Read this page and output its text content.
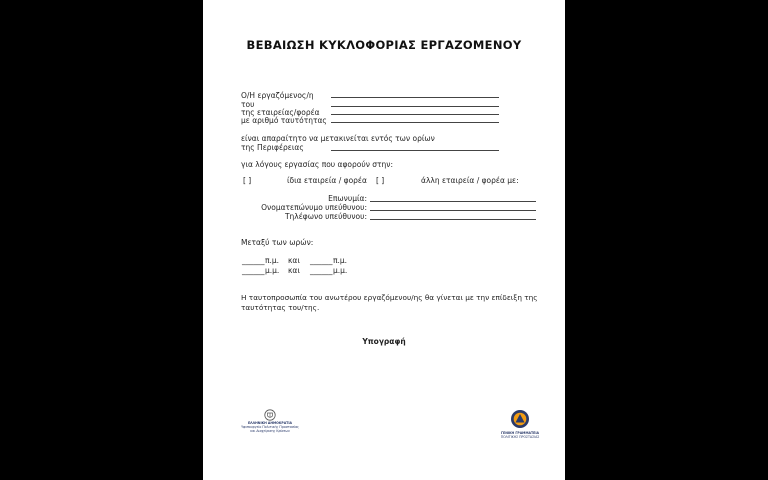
ΒΕΒΑΙΩΣΗ ΚΥΚΛΟΦΟΡΙΑΣ ΕΡΓΑΖΟΜΕΝΟΥ
Ο/Η εργαζόμενος/η
του
της εταιρείας/φορέα
με αριθμό ταυτότητας
είναι απαραίτητο να μετακινείται εντός των ορίων
της Περιφέρειας
για λόγους εργασίας που αφορούν στην:
[ ]	ίδια εταιρεία / φορέα [ ]	άλλη εταιρεία / φορέα με:
Επωνυμία:
Ονοματεπώνυμο υπεύθυνου:
Τηλέφωνο υπεύθυνου:
Μεταξύ των ωρών:
______ π.μ. και ______ π.μ.
______ μ.μ. και ______ μ.μ.
Η ταυτοπροσωπία του ανωτέρου εργαζόμενου/ης θα γίνεται με την επίδειξη της
ταυτότητας του/της.
Υπογραφή
ΕΛΛΗΝΙΚΗ ΔΗΜΟΚΡΑΤΙΑ
Υφυπουργείο Πολιτικής Προστασίας
και Διαχείρισης Κρίσεων	ΓΕΝΙΚΗ ΓΡΑΜΜΑΤΕΙΑ
ΠΟΛΙΤΙΚΗΣ ΠΡΟΣΤΑΣΙΑΣ
